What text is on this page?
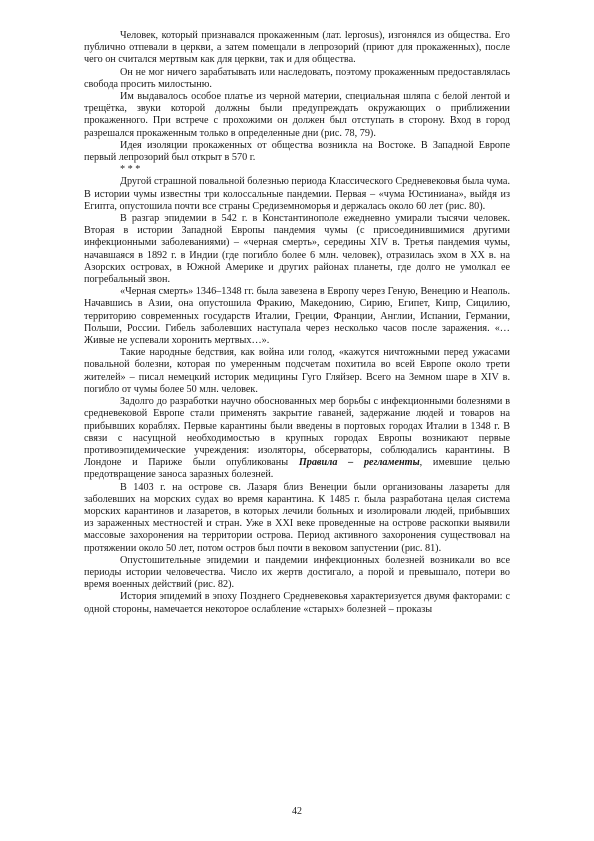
Человек, который признавался прокаженным (лат. leprosus), изгонялся из общества. Его публично отпевали в церкви, а затем помещали в лепрозорий (приют для прокаженных), после чего он считался мертвым как для церкви, так и для общества.

Он не мог ничего зарабатывать или наследовать, поэтому прокаженным предоставлялась свобода просить милостыню.

Им выдавалось особое платье из черной материи, специальная шляпа с белой лентой и трещётка, звуки которой должны были предупреждать окружающих о приближении прокаженного. При встрече с прохожими он должен был отступать в сторону. Вход в город разрешался прокаженным только в определенные дни (рис. 78, 79).

Идея изоляции прокаженных от общества возникла на Востоке. В Западной Европе первый лепрозорий был открыт в 570 г.

* * *

Другой страшной повальной болезнью периода Классического Средневековья была чума. В истории чумы известны три колоссальные пандемии. Первая – «чума Юстиниана», выйдя из Египта, опустошила почти все страны Средиземноморья и держалась около 60 лет (рис. 80).

В разгар эпидемии в 542 г. в Константинополе ежедневно умирали тысячи человек. Вторая в истории Западной Европы пандемия чумы (с присоединившимися другими инфекционными заболеваниями) – «черная смерть», середины XIV в. Третья пандемия чумы, начавшаяся в 1892 г. в Индии (где погибло более 6 млн. человек), отразилась эхом в XX в. на Азорских островах, в Южной Америке и других районах планеты, где долго не умолкал ее погребальный звон.

«Черная смерть» 1346–1348 гг. была завезена в Европу через Геную, Венецию и Неаполь. Начавшись в Азии, она опустошила Фракию, Македонию, Сирию, Египет, Кипр, Сицилию, территорию современных государств Италии, Греции, Франции, Англии, Испании, Германии, Польши, России. Гибель заболевших наступала через несколько часов после заражения. «…Живые не успевали хоронить мертвых…».

Такие народные бедствия, как война или голод, «кажутся ничтожными перед ужасами повальной болезни, которая по умеренным подсчетам похитила во всей Европе около трети жителей» – писал немецкий историк медицины Гуго Гляйзер. Всего на Земном шаре в XIV в. погибло от чумы более 50 млн. человек.

Задолго до разработки научно обоснованных мер борьбы с инфекционными болезнями в средневековой Европе стали применять закрытие гаваней, задержание людей и товаров на прибывших кораблях. Первые карантины были введены в портовых городах Италии в 1348 г. В связи с насущной необходимостью в крупных городах Европы возникают первые противоэпидемические учреждения: изоляторы, обсерваторы, соблюдались карантины. В Лондоне и Париже были опубликованы Правила – регламенты, имевшие целью предотвращение заноса заразных болезней.

В 1403 г. на острове св. Лазаря близ Венеции были организованы лазареты для заболевших на морских судах во время карантина. К 1485 г. была разработана целая система морских карантинов и лазаретов, в которых лечили больных и изолировали людей, прибывших из зараженных местностей и стран. Уже в XXI веке проведенные на острове раскопки выявили массовые захоронения на территории острова. Период активного захоронения существовал на протяжении около 50 лет, потом остров был почти в вековом запустении (рис. 81).

Опустошительные эпидемии и пандемии инфекционных болезней возникали во все периоды истории человечества. Число их жертв достигало, а порой и превышало, потери во время военных действий (рис. 82).

История эпидемий в эпоху Позднего Средневековья характеризуется двумя факторами: с одной стороны, намечается некоторое ослабление «старых» болезней – проказы

42
